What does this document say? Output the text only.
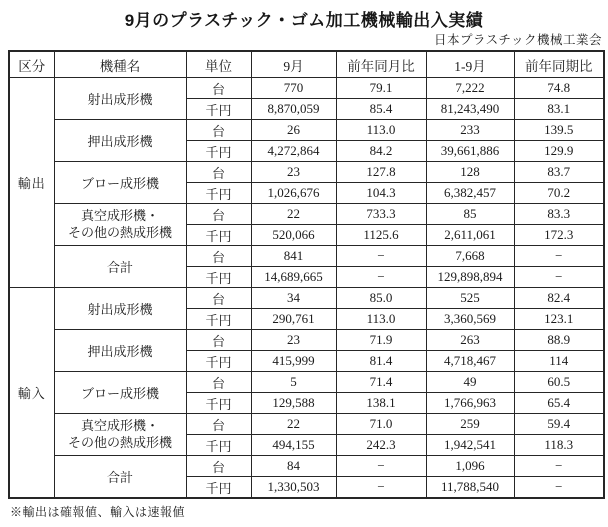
9月のプラスチック・ゴム加工機械輸出入実績
日本プラスチック機械工業会
区分	機種名	単位	9月	前年同月比	1-9月	前年同期比
輸出	射出成形機	台	770	79.1	7,222	74.8
		千円	8,870,059	85.4	81,243,490	83.1
	押出成形機	台	26	113.0	233	139.5
		千円	4,272,864	84.2	39,661,886	129.9
	ブロー成形機	台	23	127.8	128	83.7
		千円	1,026,676	104.3	6,382,457	70.2

	真空成形機・
その他の熱成形機	台	22	733.3	85	83.3
		千円	520,066	1125.6	2,611,061	172.3
	合計	台	841	−	7,668	−
		千円	14,689,665	−	129,898,894	−
輸入	射出成形機	台	34	85.0	525	82.4
		千円	290,761	113.0	3,360,569	123.1
	押出成形機	台	23	71.9	263	88.9
		千円	415,999	81.4	4,718,467	114
	ブロー成形機	台	5	71.4	49	60.5
		千円	129,588	138.1	1,766,963	65.4

	真空成形機・
その他の熱成形機	台	22	71.0	259	59.4
		千円	494,155	242.3	1,942,541	118.3
	合計	台	84	−	1,096	−
		千円	1,330,503	−	11,788,540	−
※輸出は確報値、輸入は速報値
